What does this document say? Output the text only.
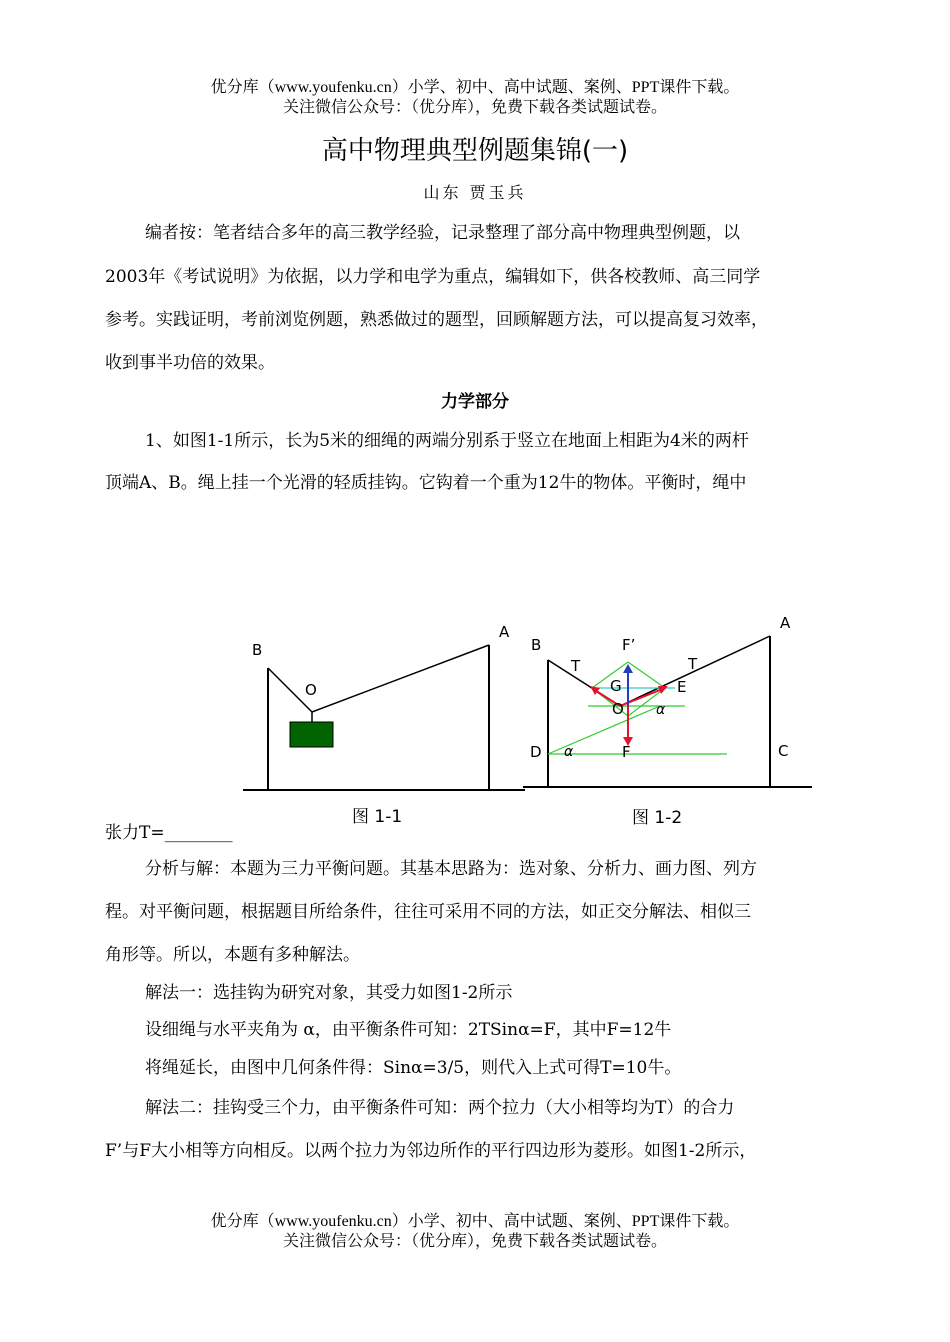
优分库（www.youfenku.cn）小学、初中、高中试题、案例、PPT课件下载。
关注微信公众号：（优分库），免费下载各类试题试卷。
高中物理典型例题集锦(一)
山东 贾玉兵
编者按：笔者结合多年的高三教学经验，记录整理了部分高中物理典型例题，以
2003年《考试说明》为依据，以力学和电学为重点，编辑如下，供各校教师、高三同学
参考。实践证明，考前浏览例题，熟悉做过的题型，回顾解题方法，可以提高复习效率，
收到事半功倍的效果。
力学部分
1、如图1-1所示，长为5米的细绳的两端分别系于竖立在地面上相距为4米的两杆
顶端A、B。绳上挂一个光滑的轻质挂钩。它钩着一个重为12牛的物体。平衡时，绳中
B
A
O
图 1-1
B
A
C
D
F’
T	T
G	E
O α
α	F
图 1-2
张力T=________
分析与解：本题为三力平衡问题。其基本思路为：选对象、分析力、画力图、列方
程。对平衡问题，根据题目所给条件，往往可采用不同的方法，如正交分解法、相似三
角形等。所以，本题有多种解法。
解法一：选挂钩为研究对象，其受力如图1-2所示
设细绳与水平夹角为 α，由平衡条件可知：2TSinα=F，其中F=12牛
将绳延长，由图中几何条件得：Sinα=3/5，则代入上式可得T=10牛。
解法二：挂钩受三个力，由平衡条件可知：两个拉力（大小相等均为T）的合力
F’与F大小相等方向相反。以两个拉力为邻边所作的平行四边形为菱形。如图1-2所示，
优分库（www.youfenku.cn）小学、初中、高中试题、案例、PPT课件下载。
关注微信公众号：（优分库），免费下载各类试题试卷。
